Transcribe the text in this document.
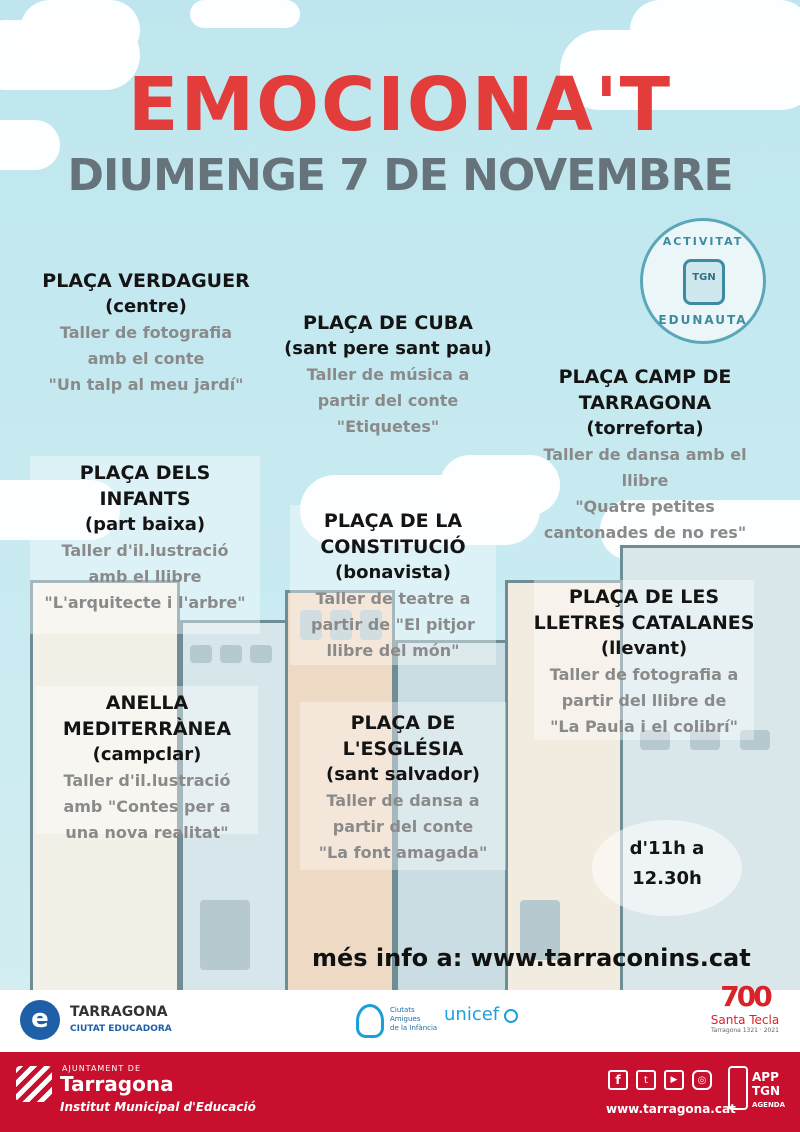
EMOCIONA'T
DIUMENGE 7 DE NOVEMBRE
ACTIVITAT
TGN
EDUNAUTA
PLAÇA VERDAGUER
(centre)
Taller de fotografia
amb el conte
"Un talp al meu jardí"
PLAÇA DE CUBA
(sant pere sant pau)
Taller de música a
partir del conte
"Etiquetes"
PLAÇA CAMP DE
TARRAGONA
(torreforta)
Taller de dansa amb el
llibre
"Quatre petites
cantonades de no res"
PLAÇA DELS
INFANTS
(part baixa)
Taller d'il.lustració
amb el llibre
"L'arquitecte i l'arbre"
PLAÇA DE LA
CONSTITUCIÓ
(bonavista)
Taller de teatre a
partir de "El pitjor
llibre del món"
PLAÇA DE LES
LLETRES CATALANES
(llevant)
Taller de fotografia a
partir del llibre de
"La Paula i el colibrí"
ANELLA
MEDITERRÀNEA
(campclar)
Taller d'il.lustració
amb "Contes per a
una nova realitat"
PLAÇA DE
L'ESGLÉSIA
(sant salvador)
Taller de dansa a
partir del conte
"La font amagada"	d'11h a
12.30h
més info a: www.tarraconins.cat
e	TARRAGONA
CIUTAT EDUCADORA
Ciutats
Amigues
de la Infància
unicef
700
Santa Tecla
Tarragona 1321 · 2021
AJUNTAMENT DE
Tarragona
Institut Municipal d'Educació
f	t	▶	◎
www.tarragona.cat
APP
TGN
AGENDA
